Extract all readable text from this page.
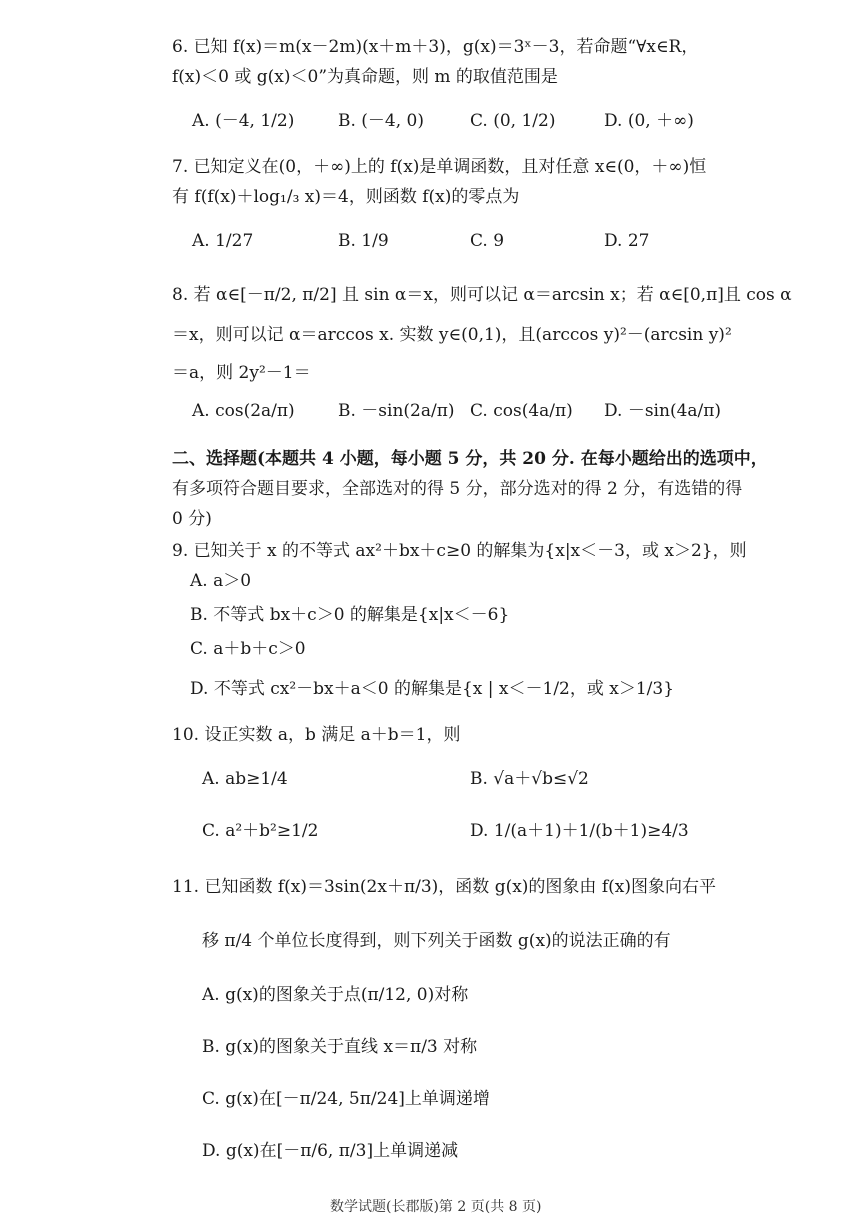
6. 已知 f(x)＝m(x－2m)(x＋m＋3)，g(x)＝3ˣ－3，若命题“∀x∈R，
f(x)＜0 或 g(x)＜0”为真命题，则 m 的取值范围是
A. (－4, 1/2)	B. (－4, 0)	C. (0, 1/2)	D. (0, ＋∞)
7. 已知定义在(0，＋∞)上的 f(x)是单调函数，且对任意 x∈(0，＋∞)恒
有 f(f(x)＋log₁/₃ x)＝4，则函数 f(x)的零点为
A. 1/27	B. 1/9	C. 9	D. 27
8. 若 α∈[－π/2, π/2] 且 sin α＝x，则可以记 α＝arcsin x；若 α∈[0,π]且 cos α
＝x，则可以记 α＝arccos x. 实数 y∈(0,1)，且(arccos y)²－(arcsin y)²
＝a，则 2y²－1＝
A. cos(2a/π)	B. －sin(2a/π) C. cos(4a/π) D. －sin(4a/π)
二、选择题(本题共 4 小题，每小题 5 分，共 20 分. 在每小题给出的选项中，
有多项符合题目要求，全部选对的得 5 分，部分选对的得 2 分，有选错的得
0 分)
9. 已知关于 x 的不等式 ax²＋bx＋c≥0 的解集为{x|x＜－3，或 x＞2}，则
A. a＞0
B. 不等式 bx＋c＞0 的解集是{x|x＜－6}
C. a＋b＋c＞0
D. 不等式 cx²－bx＋a＜0 的解集是{x | x＜－1/2，或 x＞1/3}
10. 设正实数 a，b 满足 a＋b＝1，则
A. ab≥1/4	B. √a＋√b≤√2
C. a²＋b²≥1/2	D. 1/(a＋1)＋1/(b＋1)≥4/3
11. 已知函数 f(x)＝3sin(2x＋π/3)，函数 g(x)的图象由 f(x)图象向右平
移 π/4 个单位长度得到，则下列关于函数 g(x)的说法正确的有
A. g(x)的图象关于点(π/12, 0)对称
B. g(x)的图象关于直线 x＝π/3 对称
C. g(x)在[－π/24, 5π/24]上单调递增
D. g(x)在[－π/6, π/3]上单调递减
数学试题(长郡版)第 2 页(共 8 页)
